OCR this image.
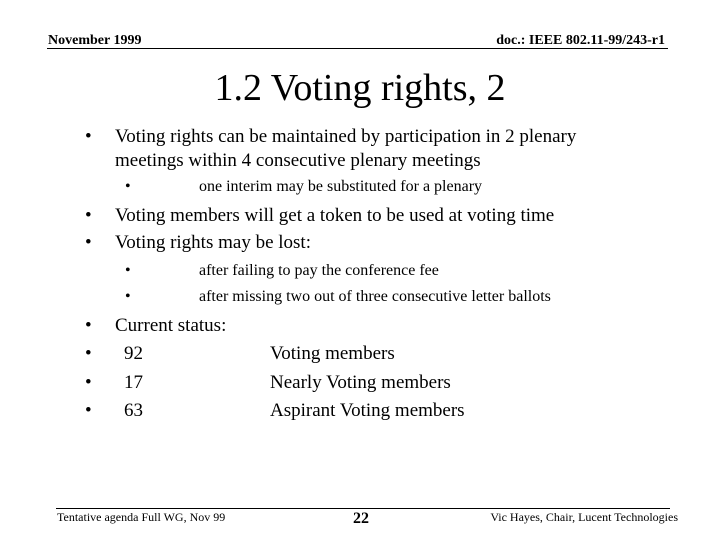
November 1999	doc.: IEEE 802.11-99/243-r1
1.2 Voting rights, 2
• Voting rights can be maintained by participation in 2 plenary
meetings within 4 consecutive plenary meetings
•	one interim may be substituted for a plenary
• Voting members will get a token to be used at voting time
• Voting rights may be lost:
•	after failing to pay the conference fee
•	after missing two out of three consecutive letter ballots
• Current status:
• 92	Voting members
• 17	Nearly Voting members
• 63	Aspirant Voting members
Tentative agenda Full WG, Nov 99	22	Vic Hayes, Chair, Lucent Technologies
